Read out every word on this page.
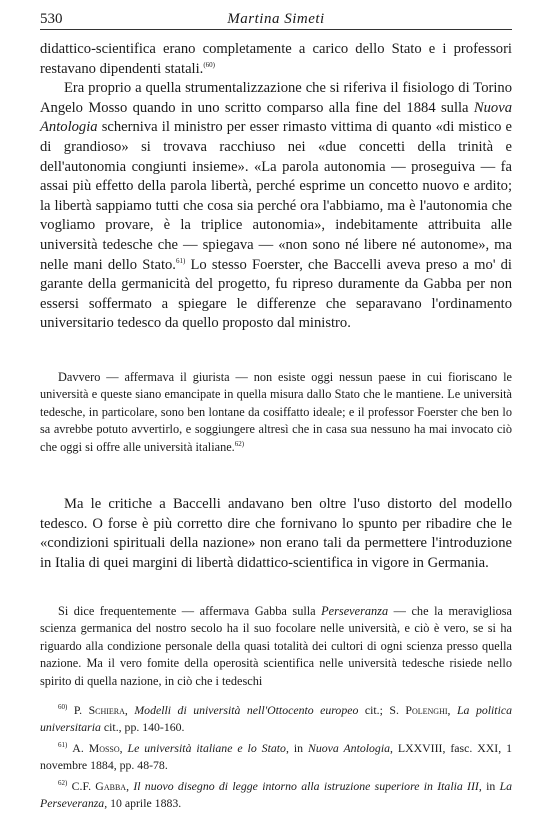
530	Martina Simeti

didattico-scientifica erano completamente a carico dello Stato e i professori restavano dipendenti statali.$^{(60)}$

Era proprio a quella strumentalizzazione che si riferiva il fisiologo di Torino Angelo Mosso quando in uno scritto comparso alla fine del 1884 sulla Nuova Antologia scherniva il ministro per esser rimasto vittima di quanto «di mistico e di grandioso» si trovava racchiuso nei «due concetti della trinità e dell'autonomia congiunti insieme». «La parola autonomia — proseguiva — fa assai più effetto della parola libertà, perché esprime un concetto nuovo e ardito; la libertà sappiamo tutti che cosa sia perché ora l'abbiamo, ma è l'autonomia che vogliamo provare, è la triplice autonomia», indebitamente attribuita alle università tedesche che — spiegava — «non sono né libere né autonome», ma nelle mani dello Stato.$^{61)}$ Lo stesso Foerster, che Baccelli aveva preso a mo' di garante della germanicità del progetto, fu ripreso duramente da Gabba per non essersi soffermato a spiegare le differenze che separavano l'ordinamento universitario tedesco da quello proposto dal ministro.

Davvero — affermava il giurista — non esiste oggi nessun paese in cui fioriscano le università e queste siano emancipate in quella misura dallo Stato che le mantiene. Le università tedesche, in particolare, sono ben lontane da cosiffatto ideale; e il professor Foerster che ben lo sa avrebbe potuto avvertirlo, e soggiungere altresì che in casa sua nessuno ha mai invocato ciò che oggi si offre alle università italiane.$^{62)}$

Ma le critiche a Baccelli andavano ben oltre l'uso distorto del modello tedesco. O forse è più corretto dire che fornivano lo spunto per ribadire che le «condizioni spirituali della nazione» non erano tali da permettere l'introduzione in Italia di quei margini di libertà didattico-scientifica in vigore in Germania.

Si dice frequentemente — affermava Gabba sulla Perseveranza — che la meravigliosa scienza germanica del nostro secolo ha il suo focolare nelle università, e ciò è vero, se si ha riguardo alla condizione personale della quasi totalità dei cultori di ogni scienza presso quella nazione. Ma il vero fomite della operosità scientifica nelle università tedesche risiede nello spirito di quella nazione, in ciò che i tedeschi

$^{60)}$ P. Schiera, Modelli di università nell'Ottocento europeo cit.; S. Polenghi, La politica universitaria cit., pp. 140-160.

$^{61)}$ A. Mosso, Le università italiane e lo Stato, in Nuova Antologia, LXXVIII, fasc. XXI, 1 novembre 1884, pp. 48-78.

$^{62)}$ C.F. Gabba, Il nuovo disegno di legge intorno alla istruzione superiore in Italia III, in La Perseveranza, 10 aprile 1883.
